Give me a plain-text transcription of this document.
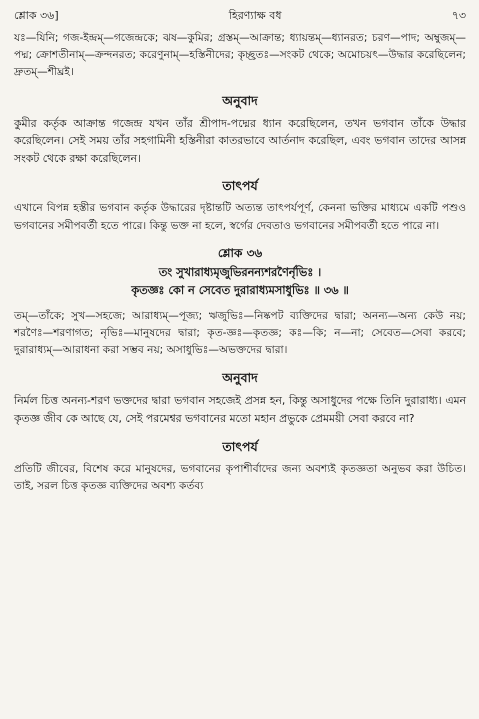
শ্লোক ৩৬]	হিরণ্যাক্ষ বধ	৭৩

যঃ—যিনি; গজ-ইন্দ্রম্—গজেন্দ্রকে; ঝষ—কুমির; গ্রস্তম্—আক্রান্ত; ধ্যায়ন্তম্—ধ্যানরত; চরণ—পাদ; অম্বুজম্—পদ্ম; ক্রোশতীনাম্—ক্রন্দনরত; করেণুনাম্—হস্তিনীদের; কৃচ্ছ্রতঃ—সংকট থেকে; অমোচয়ৎ—উদ্ধার করেছিলেন; দ্রুতম্—শীঘ্রই।

অনুবাদ

কুমীর কর্তৃক আক্রান্ত গজেন্দ্র যখন তাঁর শ্রীপাদ-পদ্মের ধ্যান করেছিলেন, তখন ভগবান তাঁকে উদ্ধার করেছিলেন। সেই সময় তাঁর সহগামিনী হস্তিনীরা কাতরভাবে আর্তনাদ করেছিল, এবং ভগবান তাদের আসন্ন সংকট থেকে রক্ষা করেছিলেন।

তাৎপর্য

এখানে বিপন্ন হস্তীর ভগবান কর্তৃক উদ্ধারের দৃষ্টান্তটি অত্যন্ত তাৎপর্যপূর্ণ, কেননা ভক্তির মাধ্যমে একটি পশুও ভগবানের সমীপবর্তী হতে পারে। কিন্তু ভক্ত না হলে, স্বর্গের দেবতাও ভগবানের সমীপবর্তী হতে পারে না।

শ্লোক ৩৬
তং সুখারাধ্যমৃজুভিরনন্যশরণৈর্নৃভিঃ ।
কৃতজ্ঞঃ কো ন সেবেত দুরারাধ্যমসাধুভিঃ ॥ ৩৬ ॥

তম্—তাঁকে; সুখ—সহজে; আরাধ্যম্—পূজ্য; ঋজুভিঃ—নিষ্কপট ব্যক্তিদের দ্বারা; অনন্য—অন্য কেউ নয়; শরণৈঃ—শরণাগত; নৃভিঃ—মানুষদের দ্বারা; কৃত-জ্ঞঃ—কৃতজ্ঞ; কঃ—কি; ন—না; সেবেত—সেবা করবে; দুরারাধ্যম্—আরাধনা করা সম্ভব নয়; অসাধুভিঃ—অভক্তদের দ্বারা।

অনুবাদ

নির্মল চিত্ত অনন্য-শরণ ভক্তদের দ্বারা ভগবান সহজেই প্রসন্ন হন, কিন্তু অসাধুদের পক্ষে তিনি দুরারাধ্য। এমন কৃতজ্ঞ জীব কে আছে যে, সেই পরমেশ্বর ভগবানের মতো মহান প্রভুকে প্রেমময়ী সেবা করবে না?

তাৎপর্য

প্রতিটি জীবের, বিশেষ করে মানুষদের, ভগবানের কৃপাশীর্বাদের জন্য অবশ্যই কৃতজ্ঞতা অনুভব করা উচিত। তাই, সরল চিত্ত কৃতজ্ঞ ব্যক্তিদের অবশ্য কর্তব্য
